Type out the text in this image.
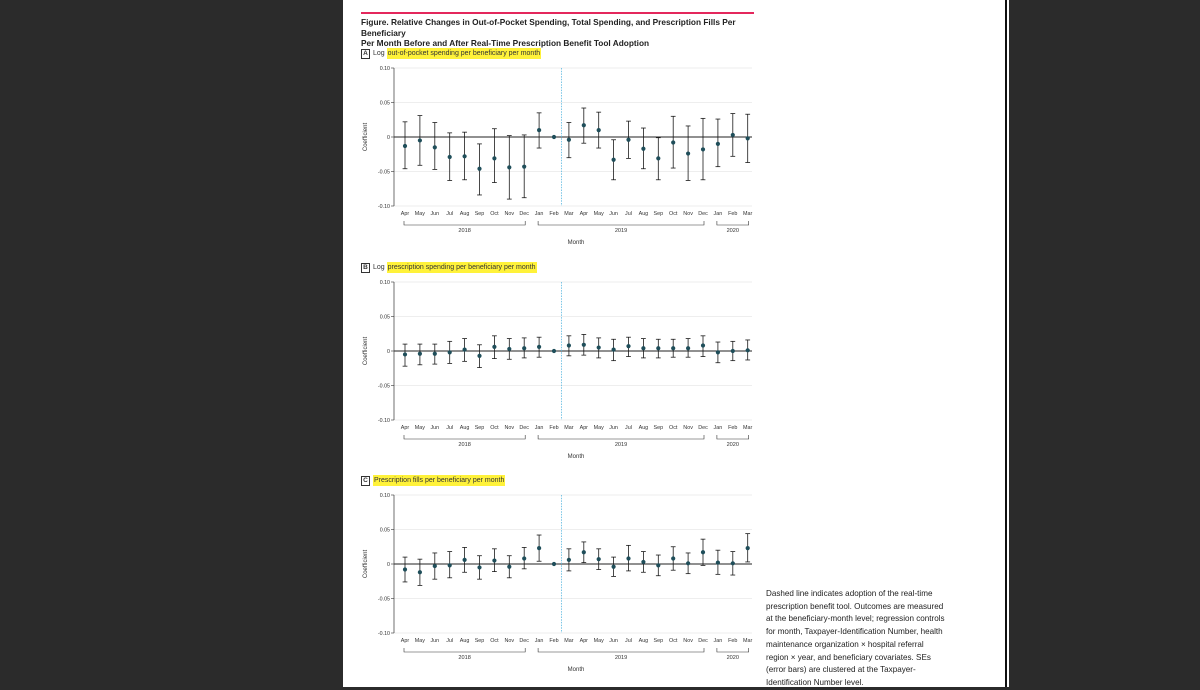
Figure. Relative Changes in Out-of-Pocket Spending, Total Spending, and Prescription Fills Per Beneficiary
Per Month Before and After Real-Time Prescription Benefit Tool Adoption
A Log out-of-pocket spending per beneficiary per month
B Log prescription spending per beneficiary per month
C Prescription fills per beneficiary per month
0.10
0.05
0
-0.05
-0.10
Coefficient
Apr May Jun Jul Aug Sep Oct Nov Dec Jan Feb Mar Apr May Jun Jul Aug Sep Oct Nov Dec Jan Feb Mar
2018	2019	2020
Month
0.10
0.05
0
-0.05
-0.10
Coefficient
Apr May Jun Jul Aug Sep Oct Nov Dec Jan Feb Mar Apr May Jun Jul Aug Sep Oct Nov Dec Jan Feb Mar
2018	2019	2020
Month
0.10
0.05
0
-0.05
-0.10
Coefficient
Apr May Jun Jul Aug Sep Oct Nov Dec Jan Feb Mar Apr May Jun Jul Aug Sep Oct Nov Dec Jan Feb Mar
2018	2019	2020
Month
Dashed line indicates adoption of the real-time prescription benefit tool. Outcomes are measured at the beneficiary-month level; regression controls for month, Taxpayer-Identification Number, health maintenance organization × hospital referral region × year, and beneficiary covariates. SEs (error bars) are clustered at the Taxpayer-Identification Number level.
